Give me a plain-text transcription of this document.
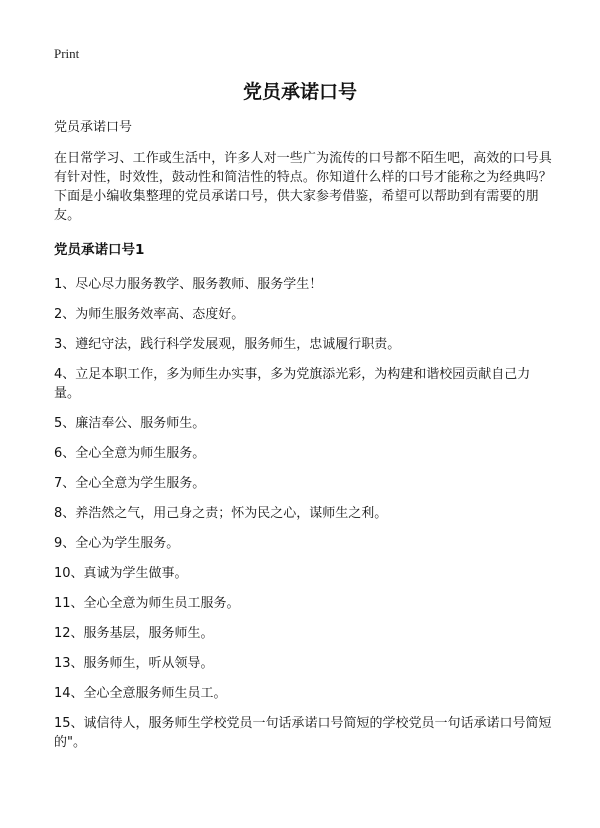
Print
党员承诺口号

党员承诺口号

在日常学习、工作或生活中，许多人对一些广为流传的口号都不陌生吧，高效的口号具有针对性，时效性，鼓动性和简洁性的特点。你知道什么样的口号才能称之为经典吗？下面是小编收集整理的党员承诺口号，供大家参考借鉴，希望可以帮助到有需要的朋友。

党员承诺口号1
1、尽心尽力服务教学、服务教师、服务学生！
2、为师生服务效率高、态度好。
3、遵纪守法，践行科学发展观，服务师生，忠诚履行职责。
4、立足本职工作，多为师生办实事，多为党旗添光彩，为构建和谐校园贡献自己力量。
5、廉洁奉公、服务师生。
6、全心全意为师生服务。
7、全心全意为学生服务。
8、养浩然之气，用己身之责；怀为民之心，谋师生之利。
9、全心为学生服务。
10、真诚为学生做事。
11、全心全意为师生员工服务。
12、服务基层，服务师生。
13、服务师生，听从领导。
14、全心全意服务师生员工。
15、诚信待人，服务师生学校党员一句话承诺口号简短的学校党员一句话承诺口号简短的"。
